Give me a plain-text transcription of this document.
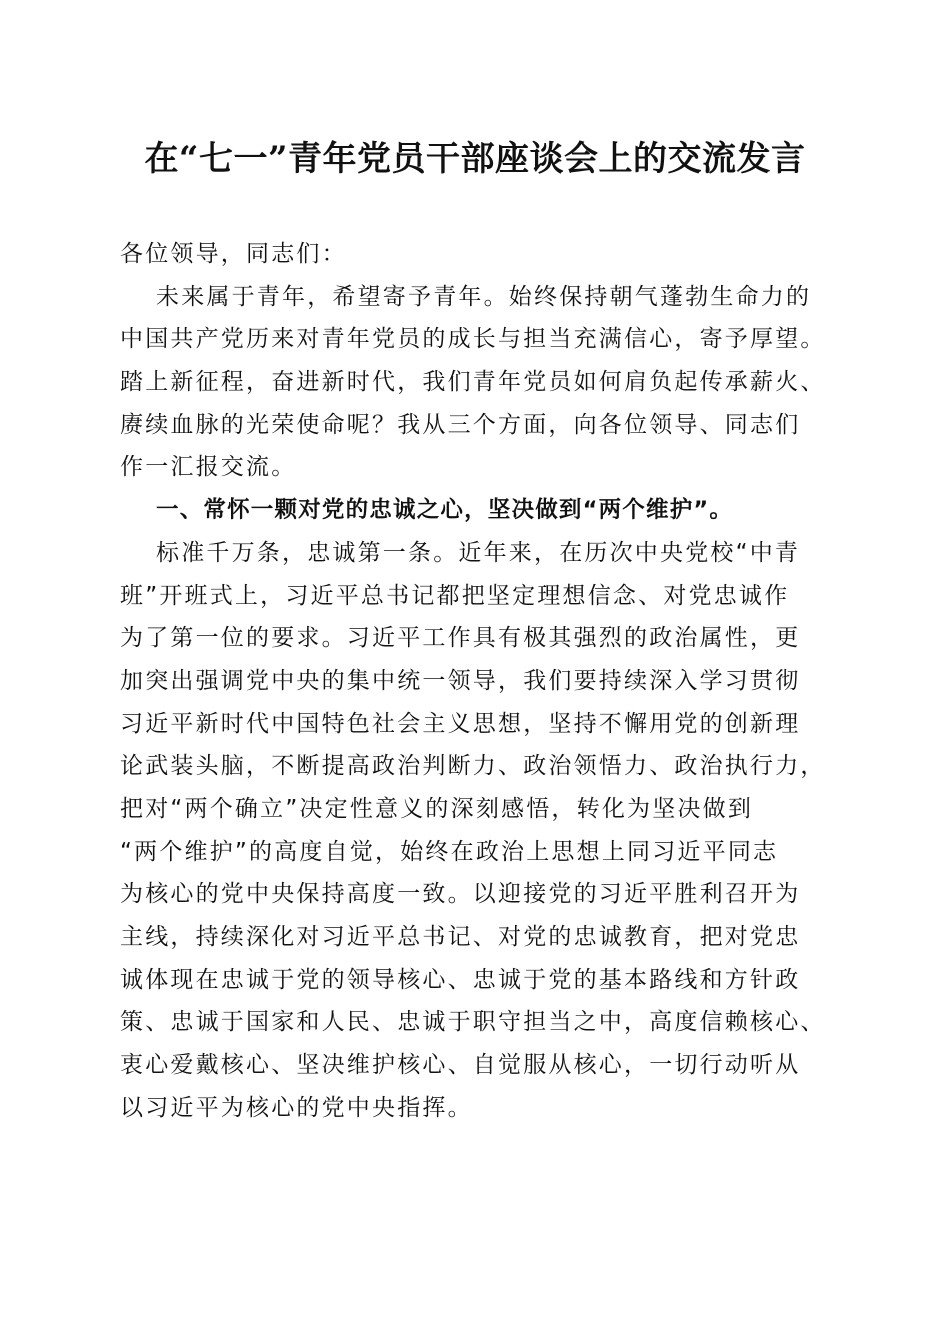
在“七一”青年党员干部座谈会上的交流发言
各位领导，同志们：
未来属于青年，希望寄予青年。始终保持朝气蓬勃生命力的
中国共产党历来对青年党员的成长与担当充满信心，寄予厚望。
踏上新征程，奋进新时代，我们青年党员如何肩负起传承薪火、
赓续血脉的光荣使命呢？我从三个方面，向各位领导、同志们
作一汇报交流。
一、常怀一颗对党的忠诚之心，坚决做到“两个维护”。
标准千万条，忠诚第一条。近年来，在历次中央党校“中青
班”开班式上，习近平总书记都把坚定理想信念、对党忠诚作
为了第一位的要求。习近平工作具有极其强烈的政治属性，更
加突出强调党中央的集中统一领导，我们要持续深入学习贯彻
习近平新时代中国特色社会主义思想，坚持不懈用党的创新理
论武装头脑，不断提高政治判断力、政治领悟力、政治执行力，
把对“两个确立”决定性意义的深刻感悟，转化为坚决做到
“两个维护”的高度自觉，始终在政治上思想上同习近平同志
为核心的党中央保持高度一致。以迎接党的习近平胜利召开为
主线，持续深化对习近平总书记、对党的忠诚教育，把对党忠
诚体现在忠诚于党的领导核心、忠诚于党的基本路线和方针政
策、忠诚于国家和人民、忠诚于职守担当之中，高度信赖核心、
衷心爱戴核心、坚决维护核心、自觉服从核心，一切行动听从
以习近平为核心的党中央指挥。
